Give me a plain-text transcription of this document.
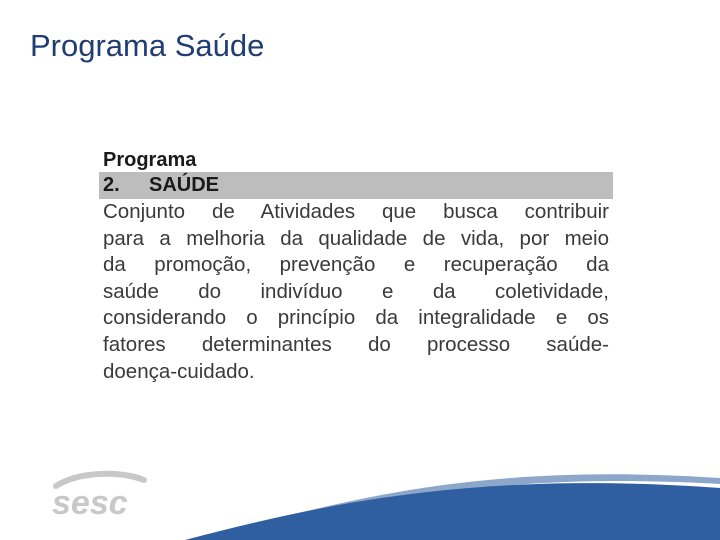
Programa Saúde
Programa
2.	SAÚDE
Conjunto de Atividades que busca contribuir
para a melhoria da qualidade de vida, por meio
da promoção, prevenção e recuperação da
saúde do indivíduo e da coletividade,
considerando o princípio da integralidade e os
fatores determinantes do processo saúde-
doença-cuidado.
sesc
